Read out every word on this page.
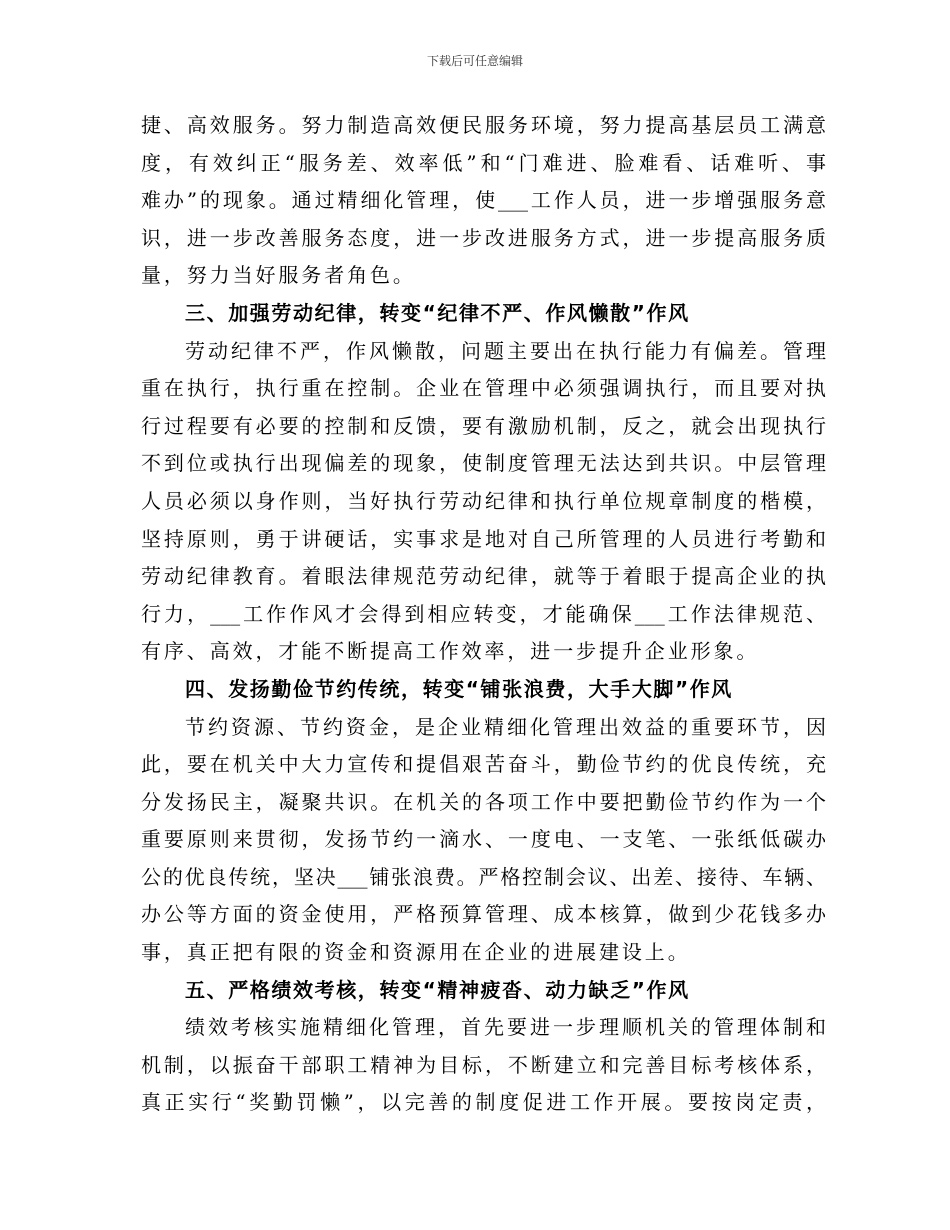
下载后可任意编辑
捷、高效服务。努力制造高效便民服务环境，努力提高基层员工满意
度，有效纠正“服务差、效率低”和“门难进、脸难看、话难听、事
难办”的现象。通过精细化管理，使___工作人员，进一步增强服务意
识，进一步改善服务态度，进一步改进服务方式，进一步提高服务质
量，努力当好服务者角色。
三、加强劳动纪律，转变“纪律不严、作风懒散”作风
劳动纪律不严，作风懒散，问题主要出在执行能力有偏差。管理
重在执行，执行重在控制。企业在管理中必须强调执行，而且要对执
行过程要有必要的控制和反馈，要有激励机制，反之，就会出现执行
不到位或执行出现偏差的现象，使制度管理无法达到共识。中层管理
人员必须以身作则，当好执行劳动纪律和执行单位规章制度的楷模，
坚持原则，勇于讲硬话，实事求是地对自己所管理的人员进行考勤和
劳动纪律教育。着眼法律规范劳动纪律，就等于着眼于提高企业的执
行力，___工作作风才会得到相应转变，才能确保___工作法律规范、
有序、高效，才能不断提高工作效率，进一步提升企业形象。
四、发扬勤俭节约传统，转变“铺张浪费，大手大脚”作风
节约资源、节约资金，是企业精细化管理出效益的重要环节，因
此，要在机关中大力宣传和提倡艰苦奋斗，勤俭节约的优良传统，充
分发扬民主，凝聚共识。在机关的各项工作中要把勤俭节约作为一个
重要原则来贯彻，发扬节约一滴水、一度电、一支笔、一张纸低碳办
公的优良传统，坚决___铺张浪费。严格控制会议、出差、接待、车辆、
办公等方面的资金使用，严格预算管理、成本核算，做到少花钱多办
事，真正把有限的资金和资源用在企业的进展建设上。
五、严格绩效考核，转变“精神疲沓、动力缺乏”作风
绩效考核实施精细化管理，首先要进一步理顺机关的管理体制和
机制，以振奋干部职工精神为目标，不断建立和完善目标考核体系，
真正实行“奖勤罚懒”，以完善的制度促进工作开展。要按岗定责，
